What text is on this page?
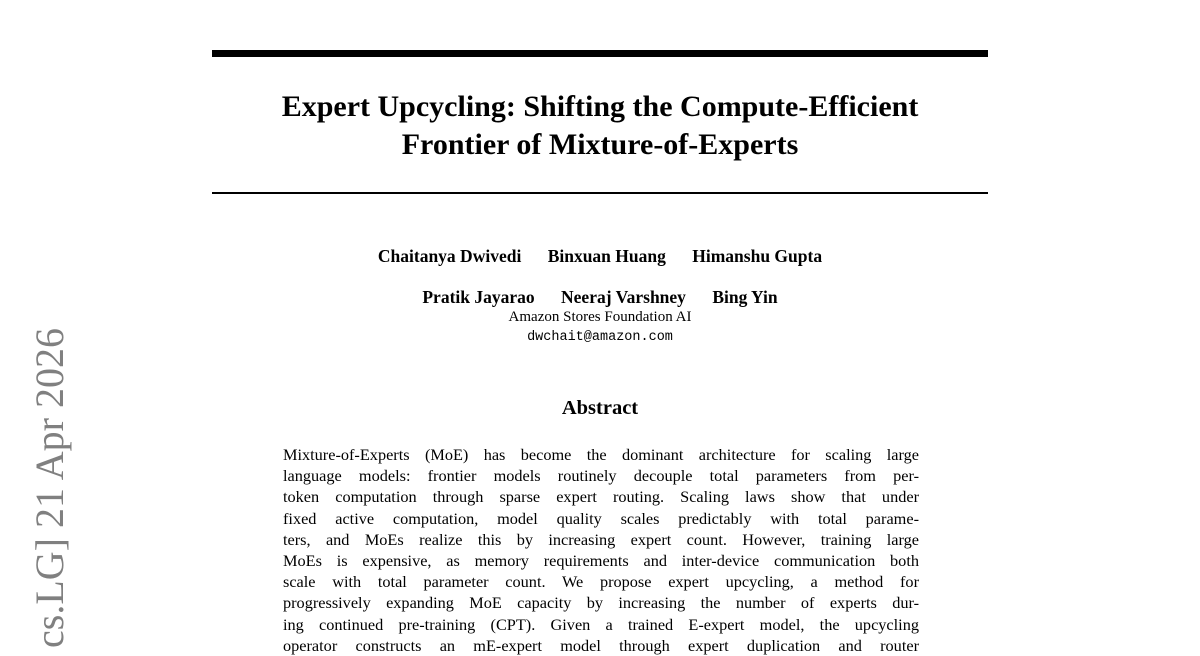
Expert Upcycling: Shifting the Compute-Efficient
Frontier of Mixture-of-Experts
Chaitanya Dwivedi Binxuan Huang Himanshu Gupta
Pratik Jayarao Neeraj Varshney Bing Yin
Amazon Stores Foundation AI
dwchait@amazon.com
Abstract
Mixture-of-Experts (MoE) has become the dominant architecture for scaling large
language models: frontier models routinely decouple total parameters from per-
token computation through sparse expert routing. Scaling laws show that under
fixed active computation, model quality scales predictably with total parame-
ters, and MoEs realize this by increasing expert count. However, training large
MoEs is expensive, as memory requirements and inter-device communication both
scale with total parameter count. We propose expert upcycling, a method for
progressively expanding MoE capacity by increasing the number of experts dur-
ing continued pre-training (CPT). Given a trained E-expert model, the upcycling
operator constructs an mE-expert model through expert duplication and router
cs.LG] 21 Apr 2026
